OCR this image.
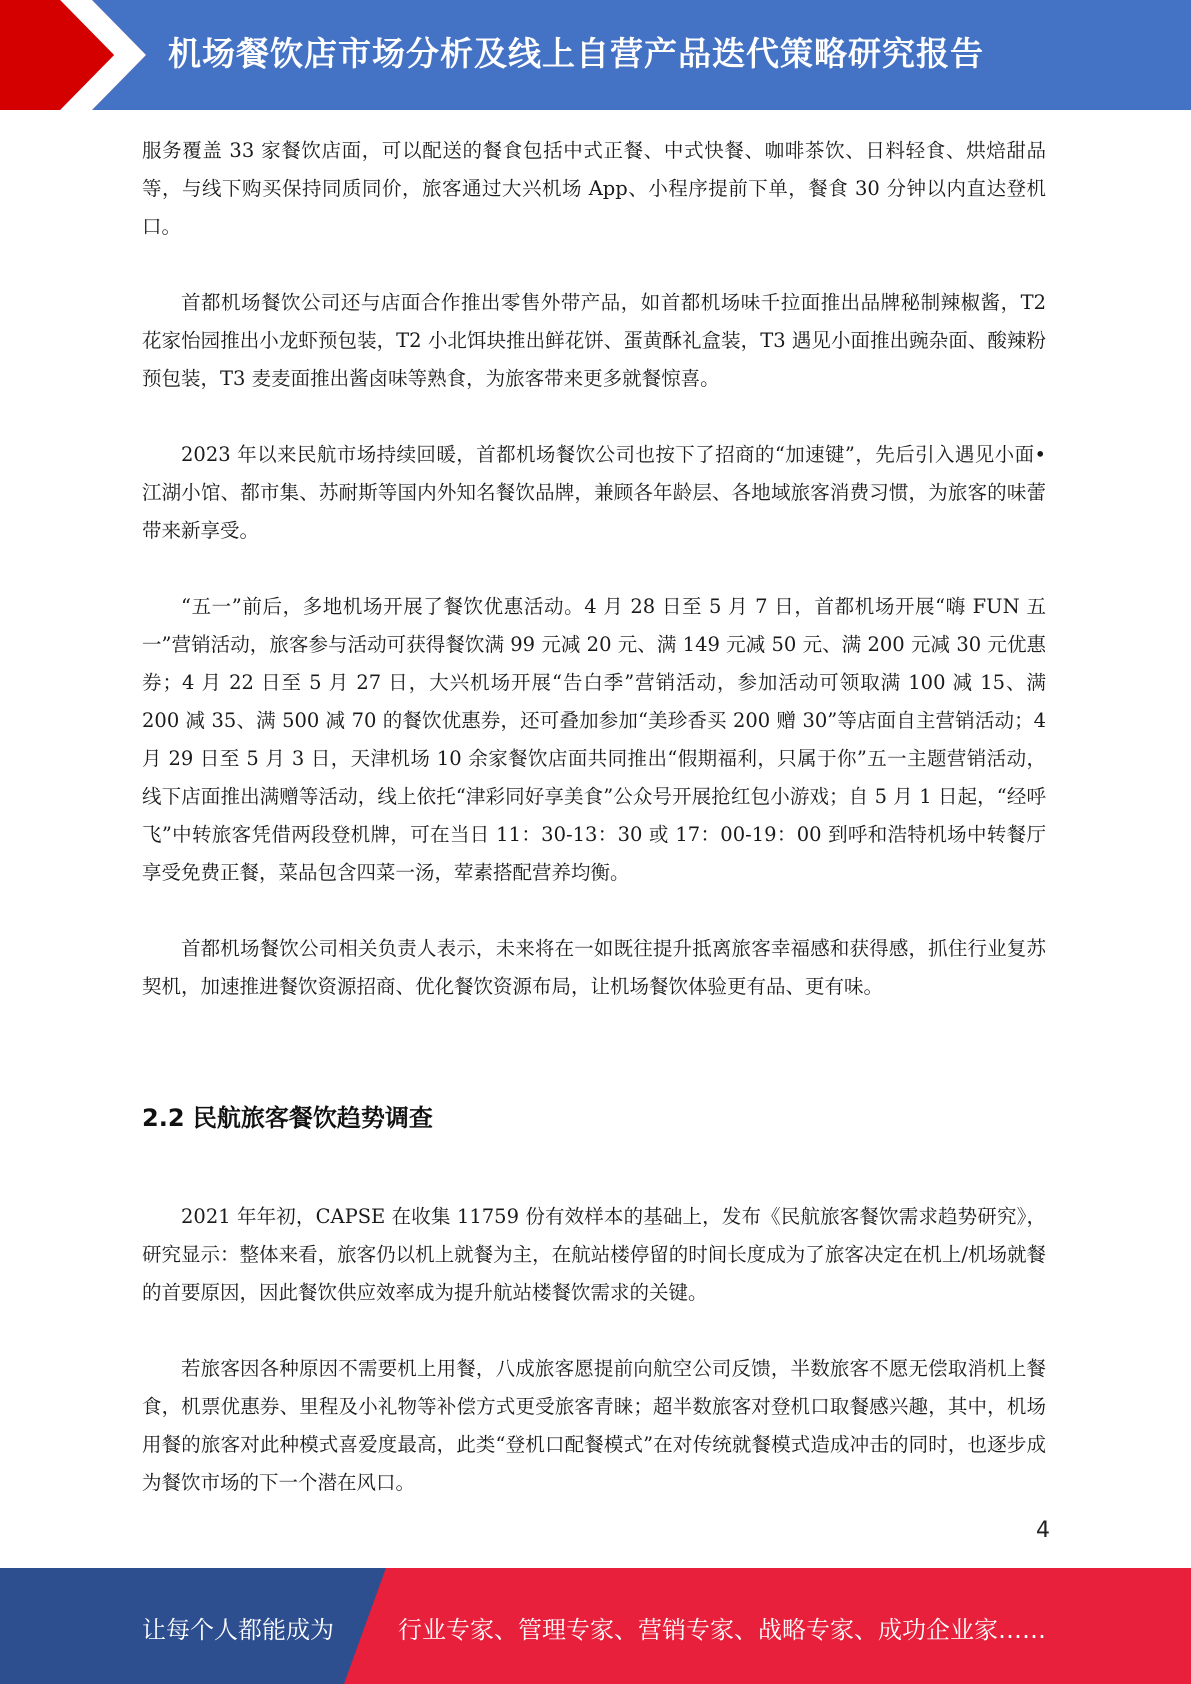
机场餐饮店市场分析及线上自营产品迭代策略研究报告

服务覆盖 33 家餐饮店面，可以配送的餐食包括中式正餐、中式快餐、咖啡茶饮、日料轻食、烘焙甜品等，与线下购买保持同质同价，旅客通过大兴机场 App、小程序提前下单，餐食 30 分钟以内直达登机口。

首都机场餐饮公司还与店面合作推出零售外带产品，如首都机场味千拉面推出品牌秘制辣椒酱，T2 花家怡园推出小龙虾预包装，T2 小北饵块推出鲜花饼、蛋黄酥礼盒装，T3 遇见小面推出豌杂面、酸辣粉预包装，T3 麦麦面推出酱卤味等熟食，为旅客带来更多就餐惊喜。

2023 年以来民航市场持续回暖，首都机场餐饮公司也按下了招商的“加速键”，先后引入遇见小面•江湖小馆、都市集、苏耐斯等国内外知名餐饮品牌，兼顾各年龄层、各地域旅客消费习惯，为旅客的味蕾带来新享受。

“五一”前后，多地机场开展了餐饮优惠活动。4 月 28 日至 5 月 7 日，首都机场开展“嗨 FUN 五一”营销活动，旅客参与活动可获得餐饮满 99 元减 20 元、满 149 元减 50 元、满 200 元减 30 元优惠券；4 月 22 日至 5 月 27 日，大兴机场开展“告白季”营销活动，参加活动可领取满 100 减 15、满 200 减 35、满 500 减 70 的餐饮优惠券，还可叠加参加“美珍香买 200 赠 30”等店面自主营销活动；4 月 29 日至 5 月 3 日，天津机场 10 余家餐饮店面共同推出“假期福利，只属于你”五一主题营销活动，线下店面推出满赠等活动，线上依托“津彩同好享美食”公众号开展抢红包小游戏；自 5 月 1 日起，“经呼飞”中转旅客凭借两段登机牌，可在当日 11：30-13：30 或 17：00-19：00 到呼和浩特机场中转餐厅享受免费正餐，菜品包含四菜一汤，荤素搭配营养均衡。

首都机场餐饮公司相关负责人表示，未来将在一如既往提升抵离旅客幸福感和获得感，抓住行业复苏契机，加速推进餐饮资源招商、优化餐饮资源布局，让机场餐饮体验更有品、更有味。

2.2 民航旅客餐饮趋势调查

2021 年年初，CAPSE 在收集 11759 份有效样本的基础上，发布《民航旅客餐饮需求趋势研究》，研究显示：整体来看，旅客仍以机上就餐为主，在航站楼停留的时间长度成为了旅客决定在机上/机场就餐的首要原因，因此餐饮供应效率成为提升航站楼餐饮需求的关键。

若旅客因各种原因不需要机上用餐，八成旅客愿提前向航空公司反馈，半数旅客不愿无偿取消机上餐食，机票优惠券、里程及小礼物等补偿方式更受旅客青睐；超半数旅客对登机口取餐感兴趣，其中，机场用餐的旅客对此种模式喜爱度最高，此类“登机口配餐模式”在对传统就餐模式造成冲击的同时，也逐步成为餐饮市场的下一个潜在风口。

4
让每个人都能成为	行业专家、管理专家、营销专家、战略专家、成功企业家……
